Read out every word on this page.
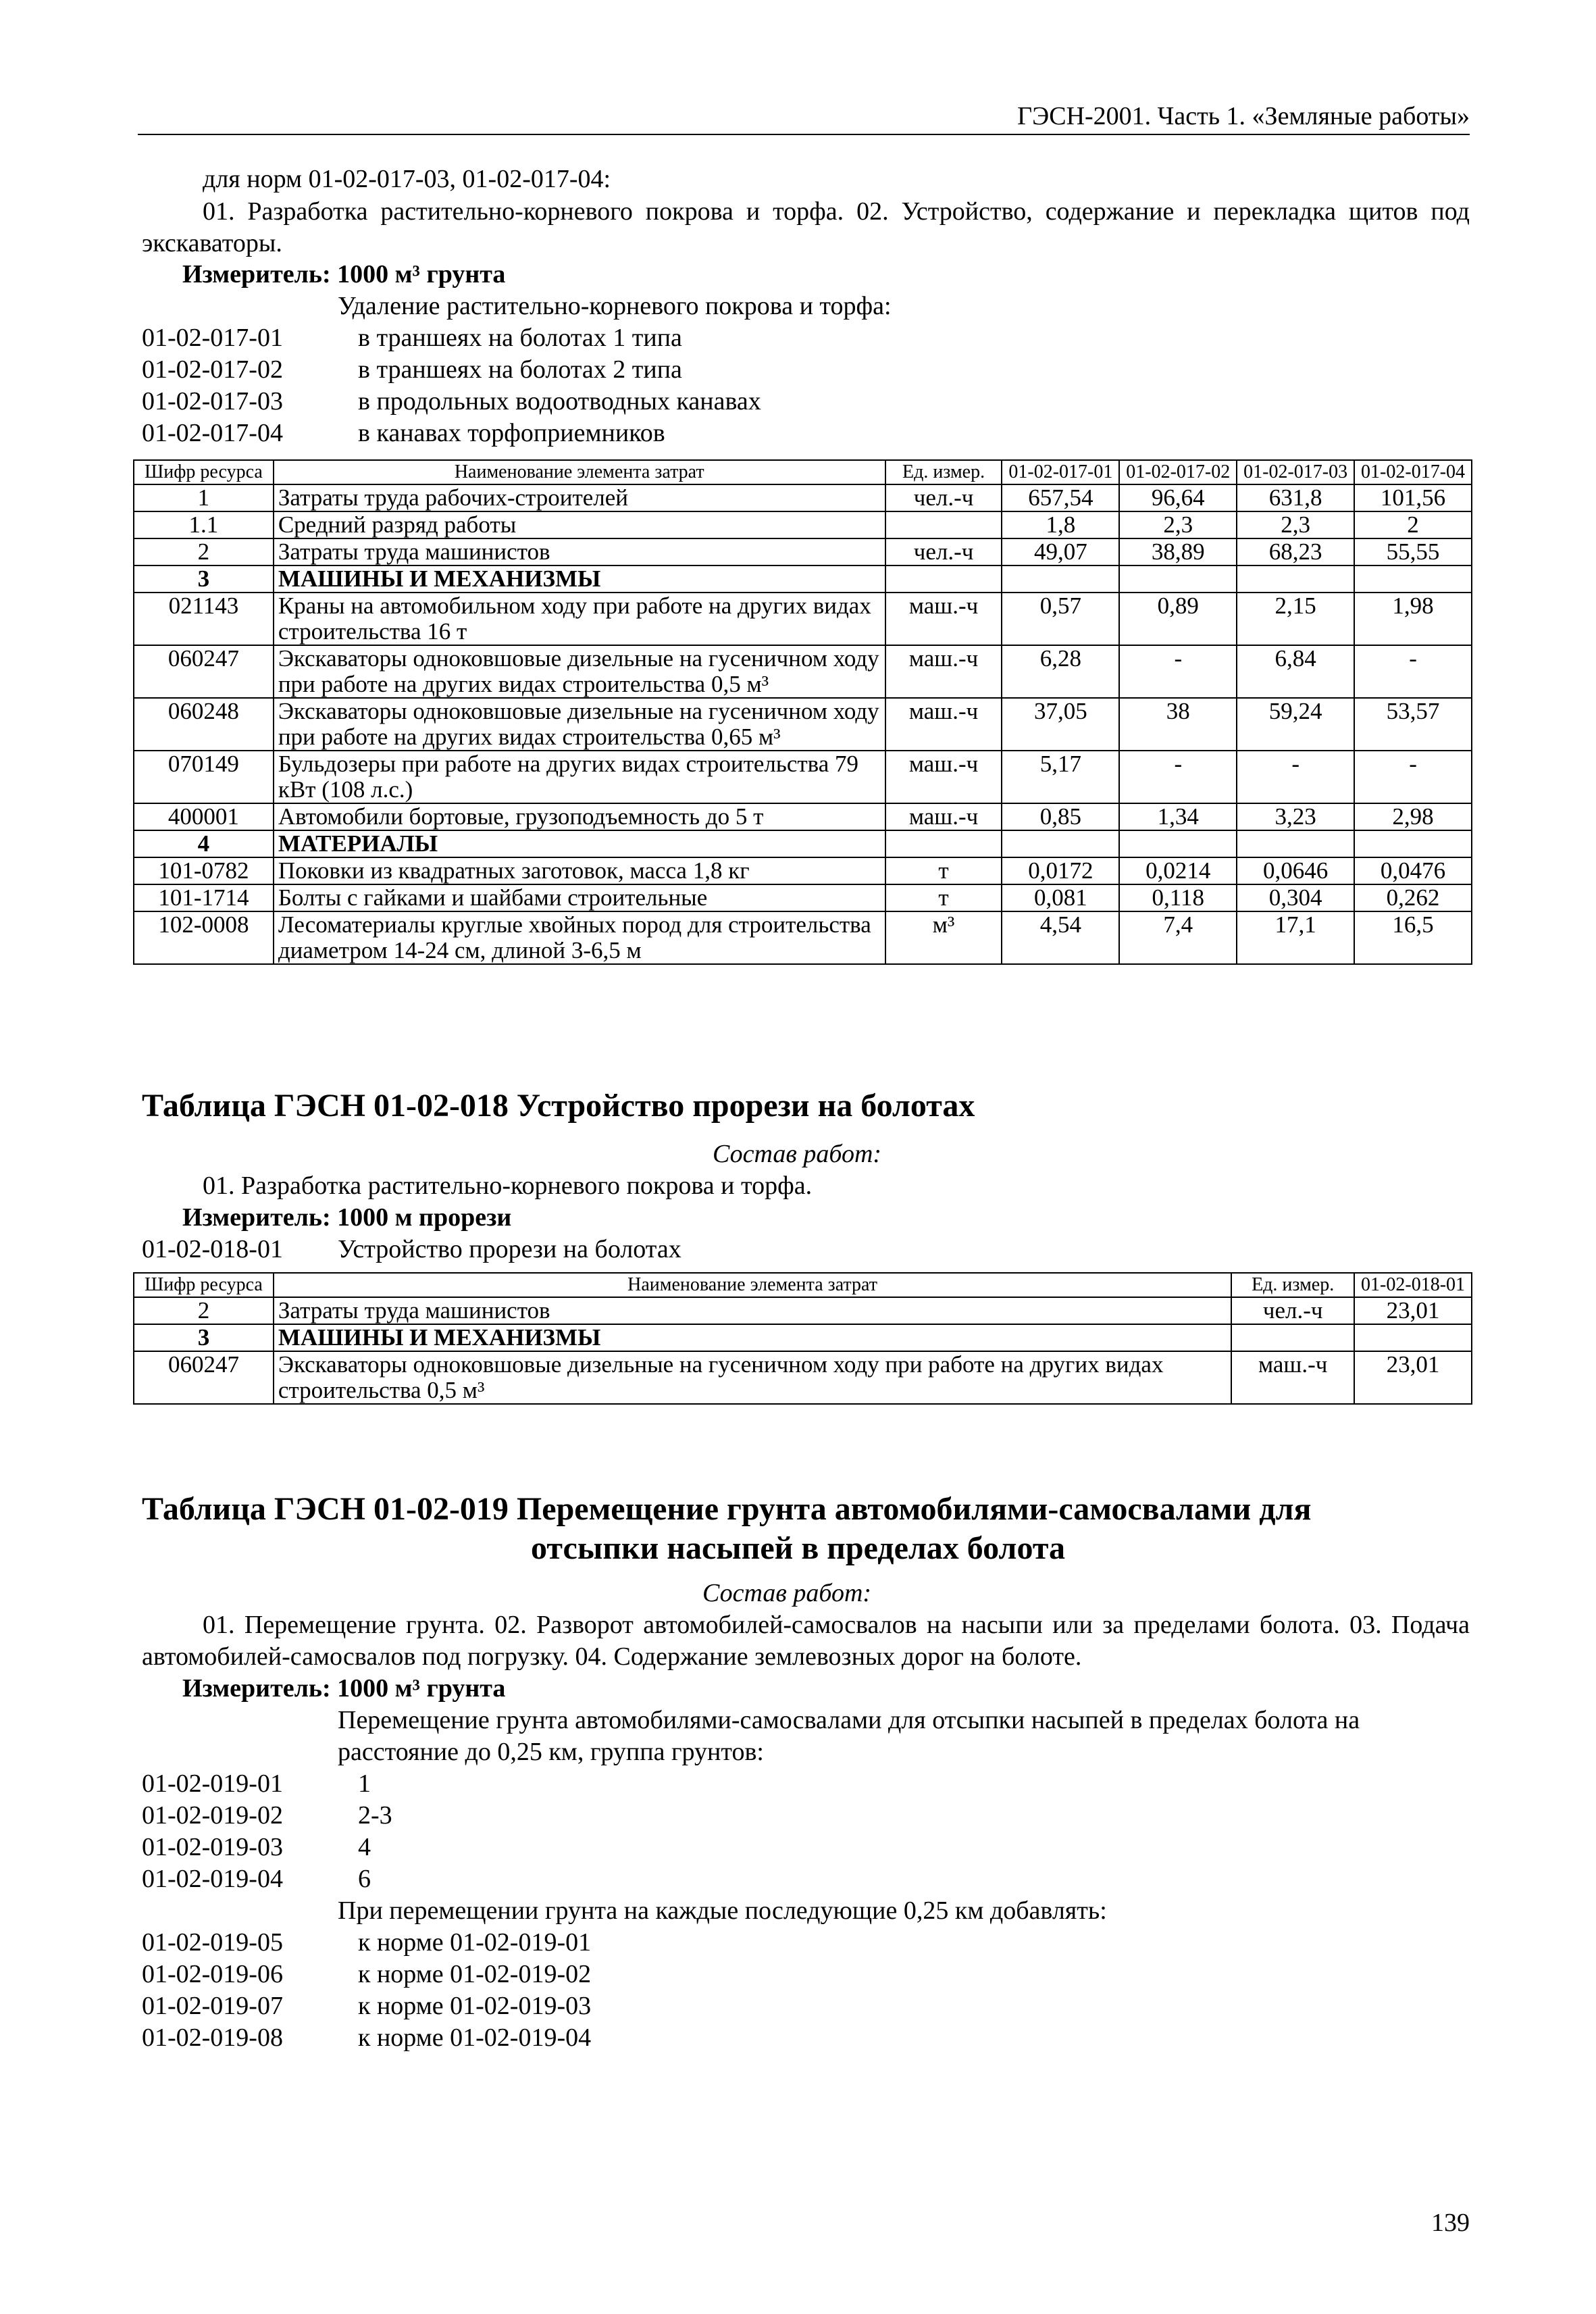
ГЭСН-2001. Часть 1. «Земляные работы»
для норм 01-02-017-03, 01-02-017-04:
01. Разработка растительно-корневого покрова и торфа. 02. Устройство, содержание и перекладка щитов под экскаваторы.
Измеритель: 1000 м³ грунта
Удаление растительно-корневого покрова и торфа:
01-02-017-01	в траншеях на болотах 1 типа
01-02-017-02	в траншеях на болотах 2 типа
01-02-017-03	в продольных водоотводных канавах
01-02-017-04	в канавах торфоприемников
Шифр ресурса	Наименование элемента затрат	Ед. измер.	01-02-017-01	01-02-017-02	01-02-017-03	01-02-017-04
1	Затраты труда рабочих-строителей	чел.-ч	657,54	96,64	631,8	101,56
1.1	Средний разряд работы		1,8	2,3	2,3	2
2	Затраты труда машинистов	чел.-ч	49,07	38,89	68,23	55,55
3	МАШИНЫ И МЕХАНИЗМЫ					
021143	Краны на автомобильном ходу при работе на других видах строительства 16 т	маш.-ч	0,57	0,89	2,15	1,98
060247	Экскаваторы одноковшовые дизельные на гусеничном ходу при работе на других видах строительства 0,5 м³	маш.-ч	6,28	-	6,84	-
060248	Экскаваторы одноковшовые дизельные на гусеничном ходу при работе на других видах строительства 0,65 м³	маш.-ч	37,05	38	59,24	53,57
070149	Бульдозеры при работе на других видах строительства 79 кВт (108 л.с.)	маш.-ч	5,17	-	-	-
400001	Автомобили бортовые, грузоподъемность до 5 т	маш.-ч	0,85	1,34	3,23	2,98
4	МАТЕРИАЛЫ					
101-0782	Поковки из квадратных заготовок, масса 1,8 кг	т	0,0172	0,0214	0,0646	0,0476
101-1714	Болты с гайками и шайбами строительные	т	0,081	0,118	0,304	0,262
102-0008	Лесоматериалы круглые хвойных пород для строительства диаметром 14-24 см, длиной 3-6,5 м	м³	4,54	7,4	17,1	16,5
Таблица ГЭСН 01-02-018 Устройство прорези на болотах
Состав работ:
01. Разработка растительно-корневого покрова и торфа.
Измеритель: 1000 м прорези
01-02-018-01	Устройство прорези на болотах
Шифр ресурса	Наименование элемента затрат	Ед. измер.	01-02-018-01
2	Затраты труда машинистов	чел.-ч	23,01
3	МАШИНЫ И МЕХАНИЗМЫ		
060247	Экскаваторы одноковшовые дизельные на гусеничном ходу при работе на других видах строительства 0,5 м³	маш.-ч	23,01
Таблица ГЭСН 01-02-019 Перемещение грунта автомобилями-самосвалами для
отсыпки насыпей в пределах болота
Состав работ:
01. Перемещение грунта. 02. Разворот автомобилей-самосвалов на насыпи или за пределами болота. 03. Подача автомобилей-самосвалов под погрузку. 04. Содержание землевозных дорог на болоте.
Измеритель: 1000 м³ грунта
Перемещение грунта автомобилями-самосвалами для отсыпки насыпей в пределах болота на расстояние до 0,25 км, группа грунтов:
01-02-019-01	1
01-02-019-02	2-3
01-02-019-03	4
01-02-019-04	6
При перемещении грунта на каждые последующие 0,25 км добавлять:
01-02-019-05	к норме 01-02-019-01
01-02-019-06	к норме 01-02-019-02
01-02-019-07	к норме 01-02-019-03
01-02-019-08	к норме 01-02-019-04
139
